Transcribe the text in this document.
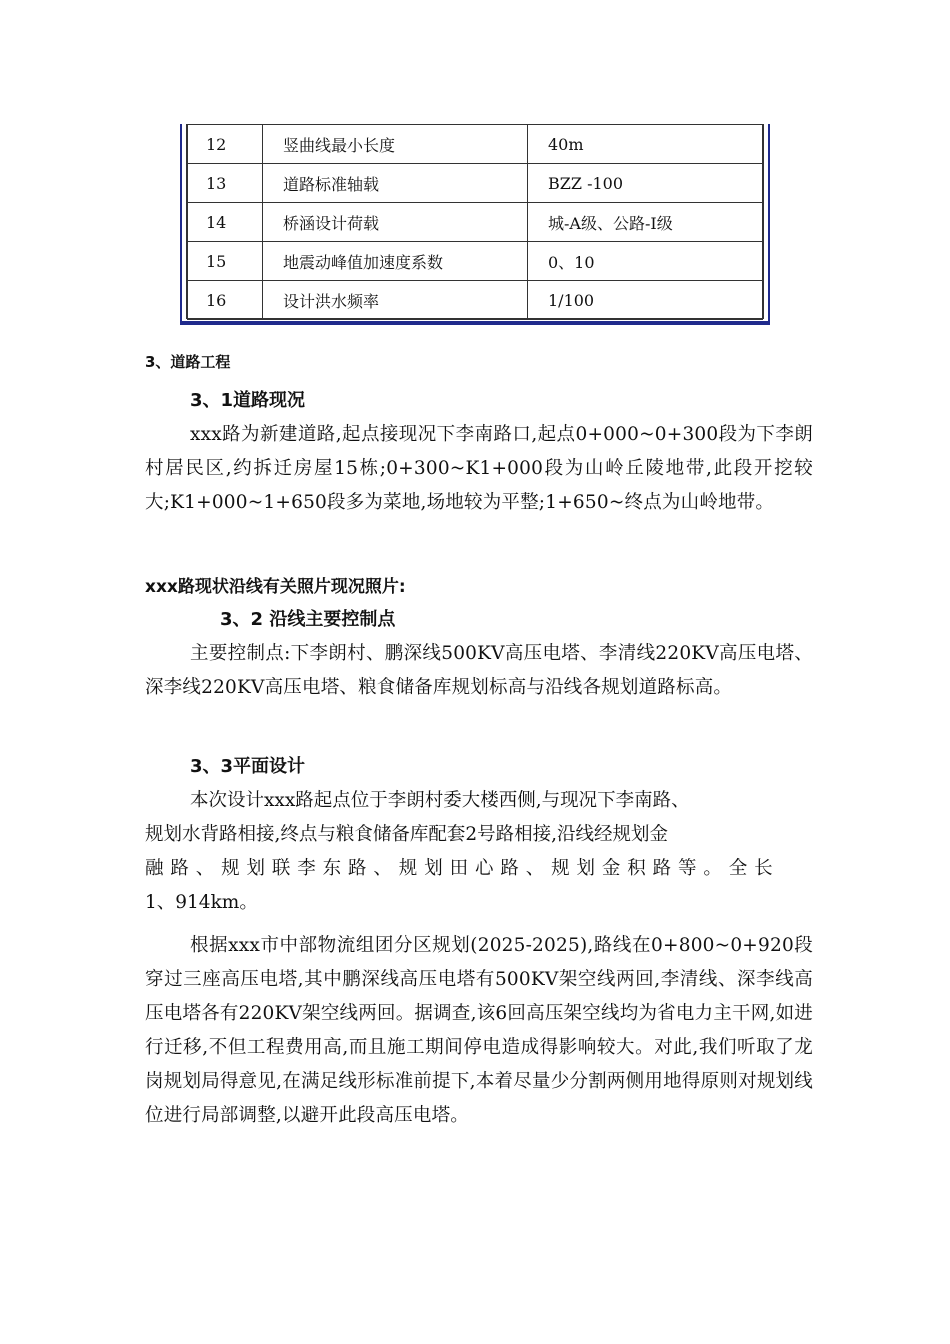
12	竖曲线最小长度	40m
13	道路标准轴载	BZZ -100
14	桥涵设计荷载	城-A级、公路-I级
15	地震动峰值加速度系数	0、10
16	设计洪水频率	1/100
3、道路工程
3、1道路现况
xxx路为新建道路,起点接现况下李南路口,起点0+000~0+300段为下李朗村居民区,约拆迁房屋15栋;0+300~K1+000段为山岭丘陵地带,此段开挖较大;K1+000~1+650段多为菜地,场地较为平整;1+650~终点为山岭地带。
xxx路现状沿线有关照片现况照片:
3、2 沿线主要控制点
主要控制点:下李朗村、鹏深线500KV高压电塔、李清线220KV高压电塔、深李线220KV高压电塔、粮食储备库规划标高与沿线各规划道路标高。
3、3平面设计
本次设计xxx路起点位于李朗村委大楼西侧,与现况下李南路、
规划水背路相接,终点与粮食储备库配套2号路相接,沿线经规划金
融 路 、 规 划 联 李 东 路 、 规 划 田 心 路 、 规 划 金 积 路 等 。 全 长
1、914km。
根据xxx市中部物流组团分区规划(2025-2025),路线在0+800~0+920段穿过三座高压电塔,其中鹏深线高压电塔有500KV架空线两回,李清线、深李线高压电塔各有220KV架空线两回。据调查,该6回高压架空线均为省电力主干网,如进行迁移,不但工程费用高,而且施工期间停电造成得影响较大。对此,我们听取了龙岗规划局得意见,在满足线形标准前提下,本着尽量少分割两侧用地得原则对规划线位进行局部调整,以避开此段高压电塔。
